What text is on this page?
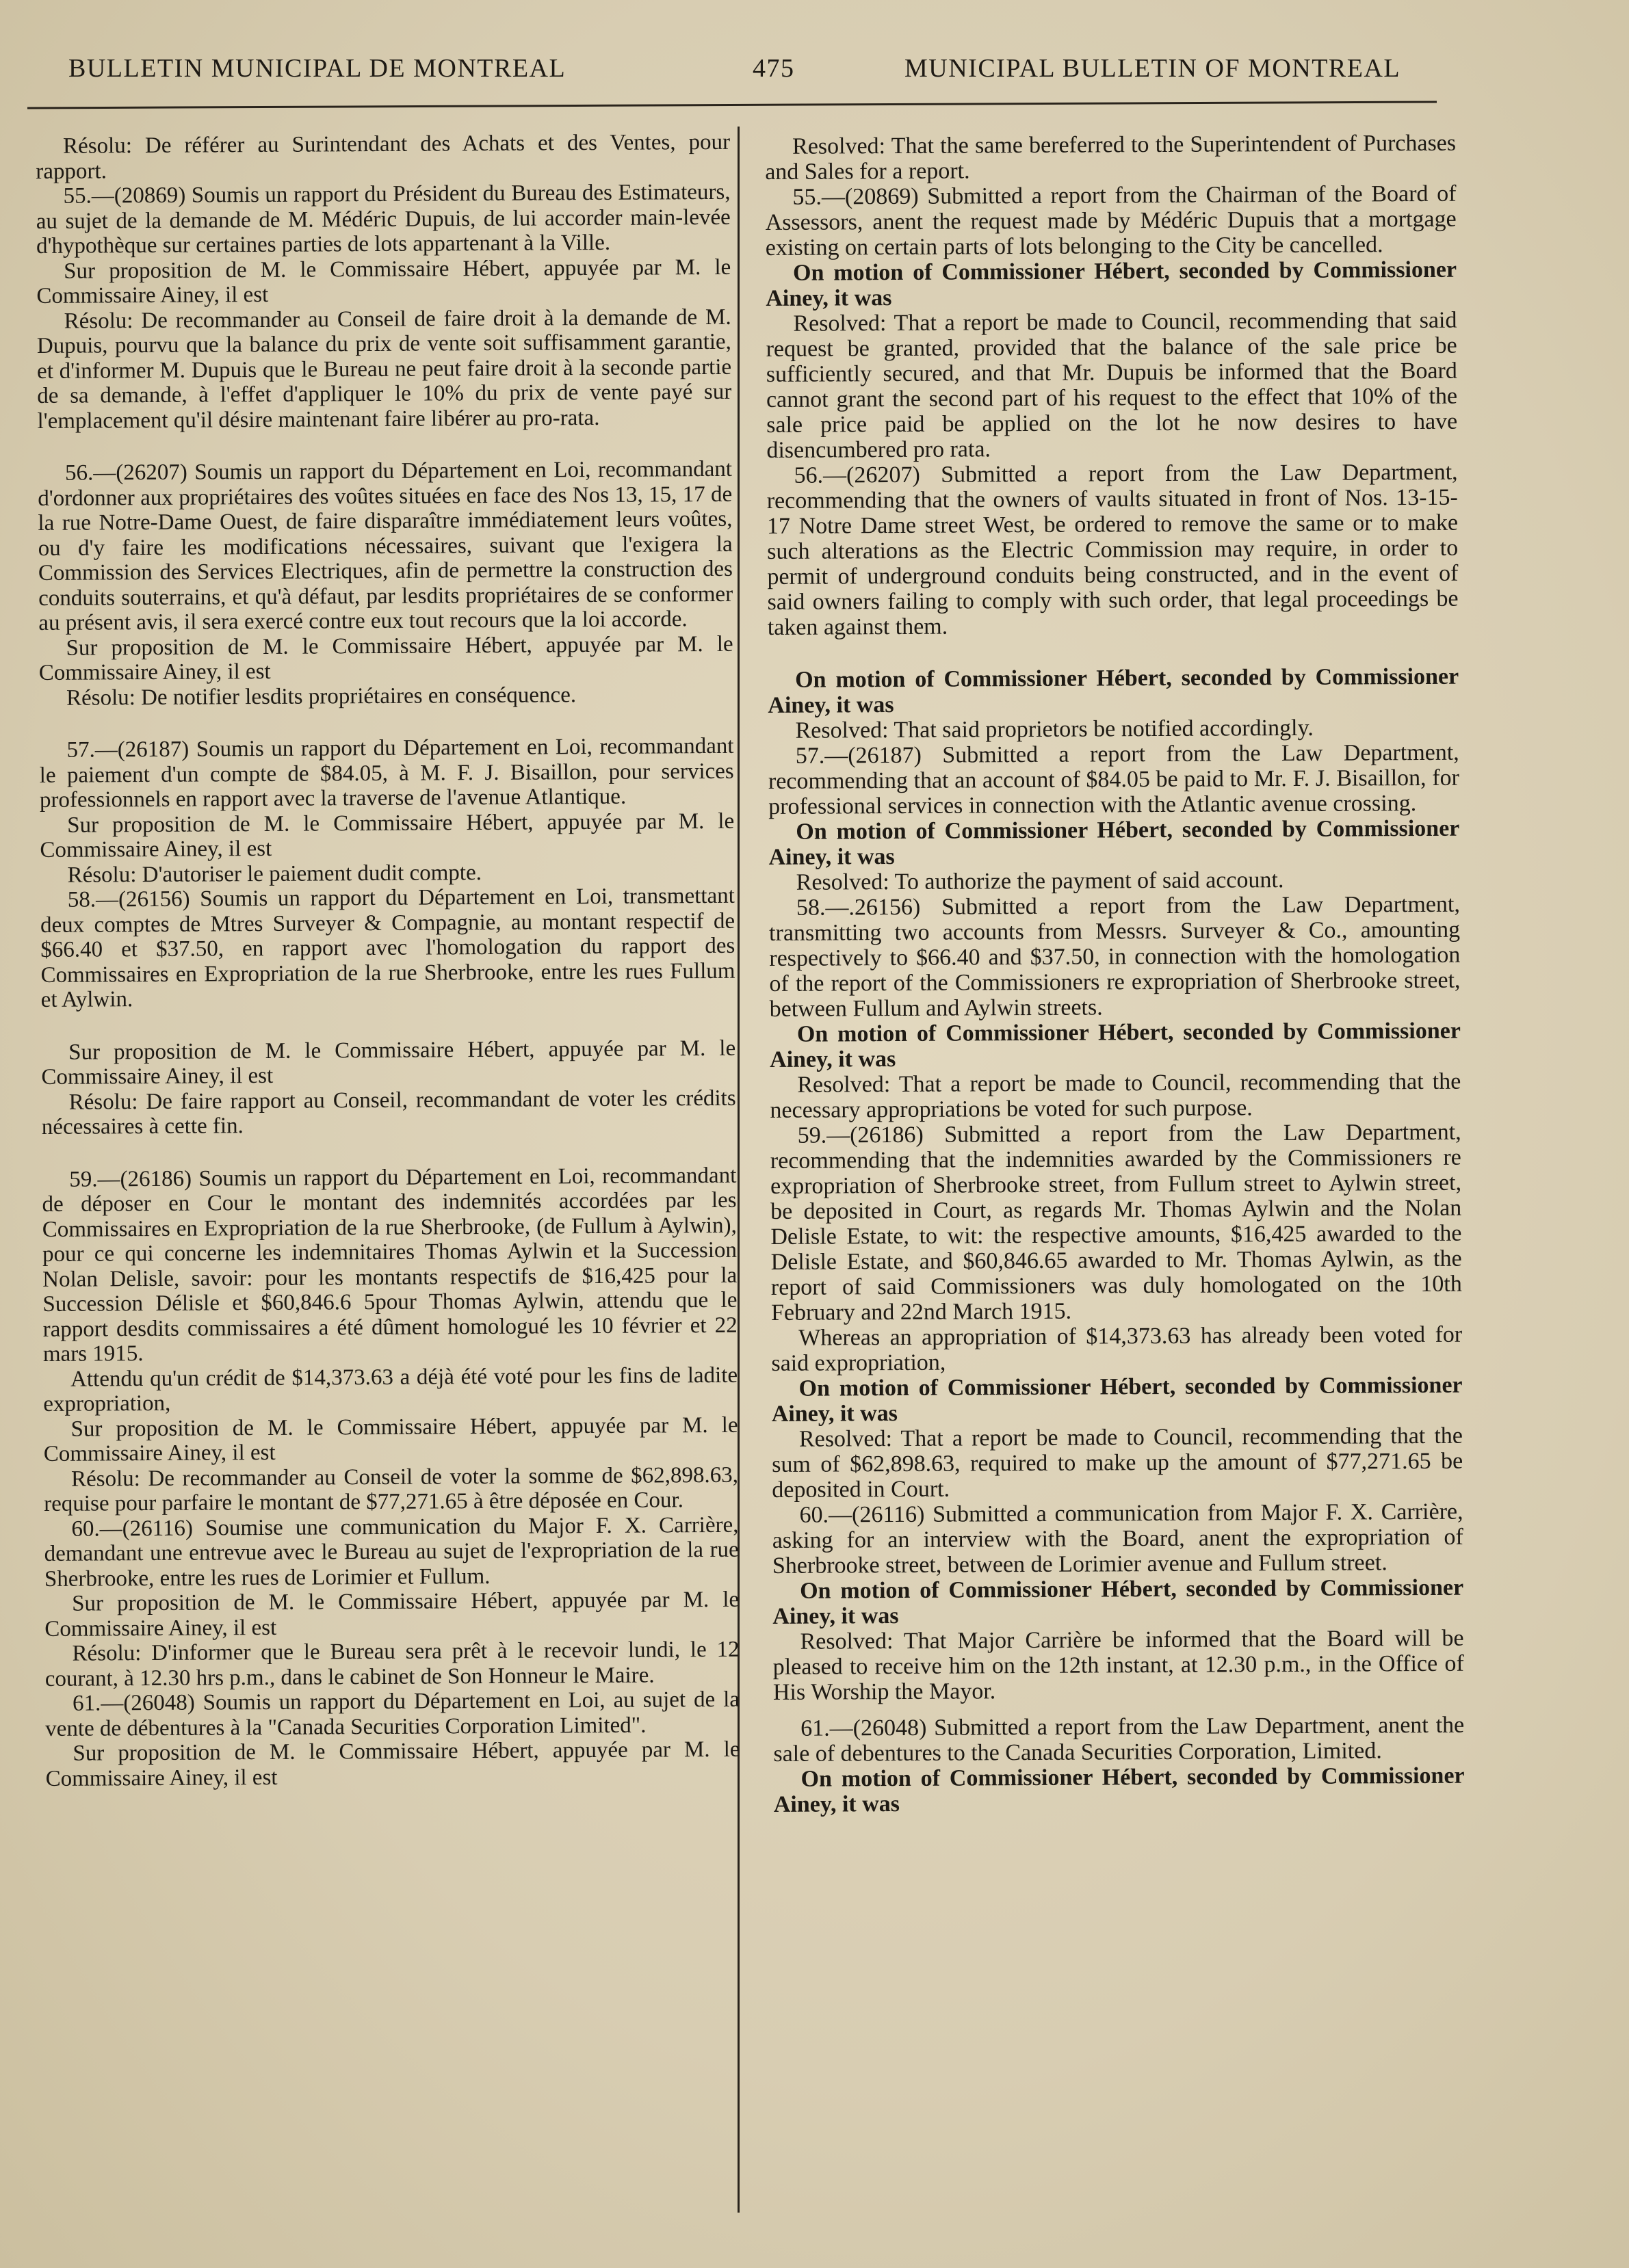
BULLETIN MUNICIPAL DE MONTREAL	475	MUNICIPAL BULLETIN OF MONTREAL

Résolu: De référer au Surintendant des Achats et des Ventes, pour rapport.

55.—(20869) Soumis un rapport du Président du Bureau des Estimateurs, au sujet de la demande de M. Médéric Dupuis, de lui accorder main-levée d'hypothèque sur certaines parties de lots appartenant à la Ville.

Sur proposition de M. le Commissaire Hébert, appuyée par M. le Commissaire Ainey, il est

Résolu: De recommander au Conseil de faire droit à la demande de M. Dupuis, pourvu que la balance du prix de vente soit suffisamment garantie, et d'informer M. Dupuis que le Bureau ne peut faire droit à la seconde partie de sa demande, à l'effet d'appliquer le 10% du prix de vente payé sur l'emplacement qu'il désire maintenant faire libérer au pro-rata.

56.—(26207) Soumis un rapport du Département en Loi, recommandant d'ordonner aux propriétaires des voûtes situées en face des Nos 13, 15, 17 de la rue Notre-Dame Ouest, de faire disparaître immédiatement leurs voûtes, ou d'y faire les modifications nécessaires, suivant que l'exigera la Commission des Services Electriques, afin de permettre la construction des conduits souterrains, et qu'à défaut, par lesdits propriétaires de se conformer au présent avis, il sera exercé contre eux tout recours que la loi accorde.

Sur proposition de M. le Commissaire Hébert, appuyée par M. le Commissaire Ainey, il est

Résolu: De notifier lesdits propriétaires en conséquence.

57.—(26187) Soumis un rapport du Département en Loi, recommandant le paiement d'un compte de $84.05, à M. F. J. Bisaillon, pour services professionnels en rapport avec la traverse de l'avenue Atlantique.

Sur proposition de M. le Commissaire Hébert, appuyée par M. le Commissaire Ainey, il est

Résolu: D'autoriser le paiement dudit compte.

58.—(26156) Soumis un rapport du Département en Loi, transmettant deux comptes de Mtres Surveyer & Compagnie, au montant respectif de $66.40 et $37.50, en rapport avec l'homologation du rapport des Commissaires en Expropriation de la rue Sherbrooke, entre les rues Fullum et Aylwin.

Sur proposition de M. le Commissaire Hébert, appuyée par M. le Commissaire Ainey, il est

Résolu: De faire rapport au Conseil, recommandant de voter les crédits nécessaires à cette fin.

59.—(26186) Soumis un rapport du Département en Loi, recommandant de déposer en Cour le montant des indemnités accordées par les Commissaires en Expropriation de la rue Sherbrooke, (de Fullum à Aylwin), pour ce qui concerne les indemnitaires Thomas Aylwin et la Succession Nolan Delisle, savoir: pour les montants respectifs de $16,425 pour la Succession Délisle et $60,846.6 5pour Thomas Aylwin, attendu que le rapport desdits commissaires a été dûment homologué les 10 février et 22 mars 1915.

Attendu qu'un crédit de $14,373.63 a déjà été voté pour les fins de ladite expropriation,

Sur proposition de M. le Commissaire Hébert, appuyée par M. le Commissaire Ainey, il est

Résolu: De recommander au Conseil de voter la somme de $62,898.63, requise pour parfaire le montant de $77,271.65 à être déposée en Cour.

60.—(26116) Soumise une communication du Major F. X. Carrière, demandant une entrevue avec le Bureau au sujet de l'expropriation de la rue Sherbrooke, entre les rues de Lorimier et Fullum.

Sur proposition de M. le Commissaire Hébert, appuyée par M. le Commissaire Ainey, il est

Résolu: D'informer que le Bureau sera prêt à le recevoir lundi, le 12 courant, à 12.30 hrs p.m., dans le cabinet de Son Honneur le Maire.

61.—(26048) Soumis un rapport du Département en Loi, au sujet de la vente de débentures à la "Canada Securities Corporation Limited".

Sur proposition de M. le Commissaire Hébert, appuyée par M. le Commissaire Ainey, il est

Resolved: That the same bereferred to the Superintendent of Purchases and Sales for a report.

55.—(20869) Submitted a report from the Chairman of the Board of Assessors, anent the request made by Médéric Dupuis that a mortgage existing on certain parts of lots belonging to the City be cancelled.

On motion of Commissioner Hébert, seconded by Commissioner Ainey, it was

Resolved: That a report be made to Council, recommending that said request be granted, provided that the balance of the sale price be sufficiently secured, and that Mr. Dupuis be informed that the Board cannot grant the second part of his request to the effect that 10% of the sale price paid be applied on the lot he now desires to have disencumbered pro rata.

56.—(26207) Submitted a report from the Law Department, recommending that the owners of vaults situated in front of Nos. 13-15-17 Notre Dame street West, be ordered to remove the same or to make such alterations as the Electric Commission may require, in order to permit of underground conduits being constructed, and in the event of said owners failing to comply with such order, that legal proceedings be taken against them.

On motion of Commissioner Hébert, seconded by Commissioner Ainey, it was

Resolved: That said proprietors be notified accordingly.

57.—(26187) Submitted a report from the Law Department, recommending that an account of $84.05 be paid to Mr. F. J. Bisaillon, for professional services in connection with the Atlantic avenue crossing.

On motion of Commissioner Hébert, seconded by Commissioner Ainey, it was

Resolved: To authorize the payment of said account.

58.—.26156) Submitted a report from the Law Department, transmitting two accounts from Messrs. Surveyer & Co., amounting respectively to $66.40 and $37.50, in connection with the homologation of the report of the Commissioners re expropriation of Sherbrooke street, between Fullum and Aylwin streets.

On motion of Commissioner Hébert, seconded by Commissioner Ainey, it was

Resolved: That a report be made to Council, recommending that the necessary appropriations be voted for such purpose.

59.—(26186) Submitted a report from the Law Department, recommending that the indemnities awarded by the Commissioners re expropriation of Sherbrooke street, from Fullum street to Aylwin street, be deposited in Court, as regards Mr. Thomas Aylwin and the Nolan Delisle Estate, to wit: the respective amounts, $16,425 awarded to the Delisle Estate, and $60,846.65 awarded to Mr. Thomas Aylwin, as the report of said Commissioners was duly homologated on the 10th February and 22nd March 1915.

Whereas an appropriation of $14,373.63 has already been voted for said expropriation,

On motion of Commissioner Hébert, seconded by Commissioner Ainey, it was

Resolved: That a report be made to Council, recommending that the sum of $62,898.63, required to make up the amount of $77,271.65 be deposited in Court.

60.—(26116) Submitted a communication from Major F. X. Carrière, asking for an interview with the Board, anent the expropriation of Sherbrooke street, between de Lorimier avenue and Fullum street.

On motion of Commissioner Hébert, seconded by Commissioner Ainey, it was

Resolved: That Major Carrière be informed that the Board will be pleased to receive him on the 12th instant, at 12.30 p.m., in the Office of His Worship the Mayor.

61.—(26048) Submitted a report from the Law Department, anent the sale of debentures to the Canada Securities Corporation, Limited.

On motion of Commissioner Hébert, seconded by Commissioner Ainey, it was
